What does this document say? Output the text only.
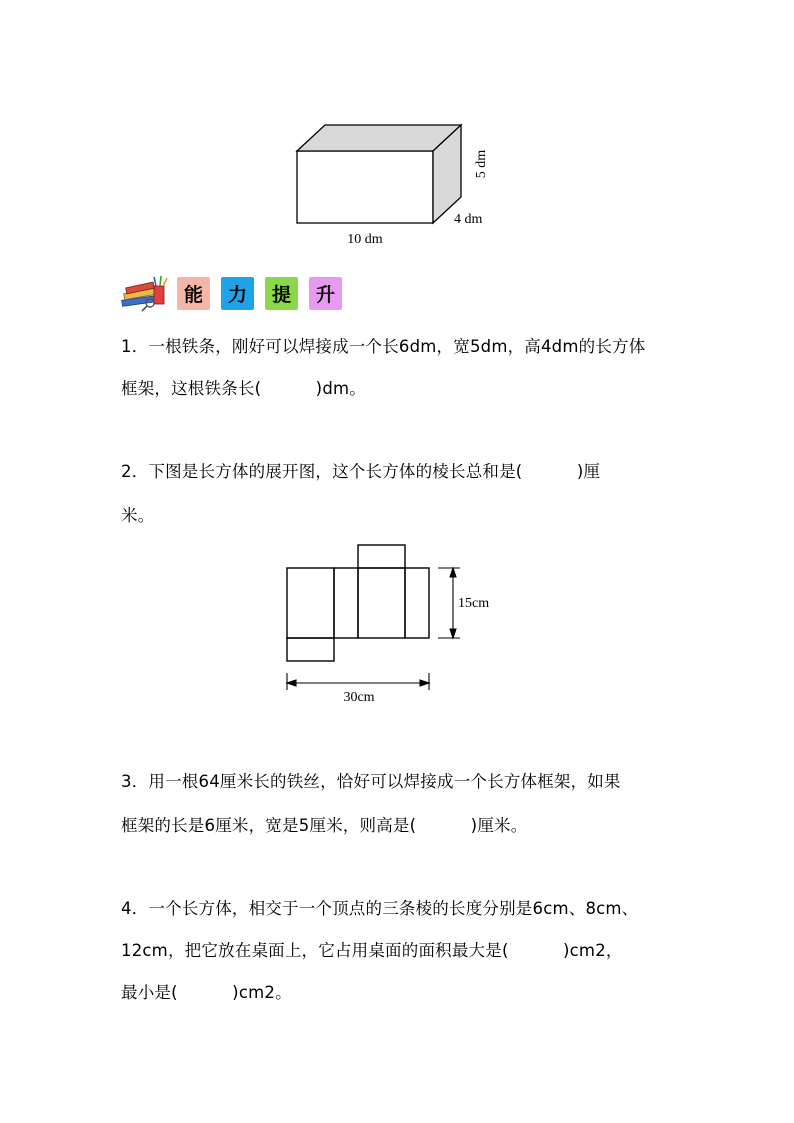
5 dm
4 dm
10 dm
能 力 提 升
1．一根铁条，刚好可以焊接成一个长6dm，宽5dm，高4dm的长方体
框架，这根铁条长(          )dm。
2．下图是长方体的展开图，这个长方体的棱长总和是(          )厘
米。
15cm
30cm
3．用一根64厘米长的铁丝，恰好可以焊接成一个长方体框架，如果
框架的长是6厘米，宽是5厘米，则高是(          )厘米。
4．一个长方体，相交于一个顶点的三条棱的长度分别是6cm、8cm、
12cm，把它放在桌面上，它占用桌面的面积最大是(          )cm2，
最小是(          )cm2。
